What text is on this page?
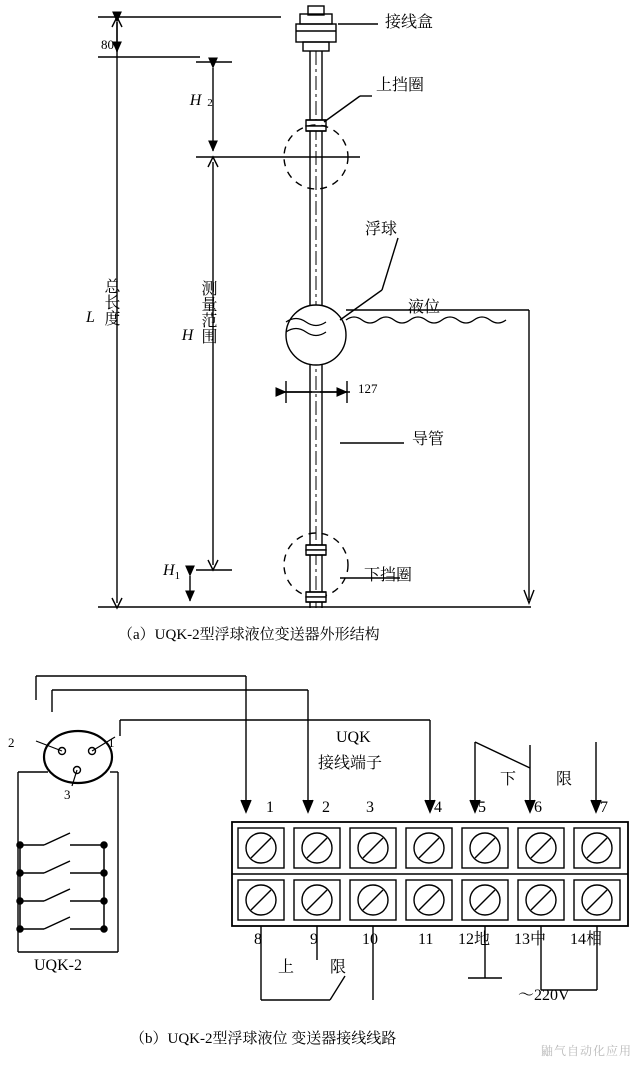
接线盒
上挡圈
浮球
液位
导管
下挡圈
80
127
L 总长度
H 测量范围
H2
$H_1$
（a）UQK-2型浮球液位变送器外形结构
2	1
3
UQK
接线端子
下 限
1	2 3	4 5	6	7
8	9	10	11 12地 13中 14相
上 限
～220V
UQK-2
（b）UQK-2型浮球液位 变送器接线线路
鼬气自动化应用
